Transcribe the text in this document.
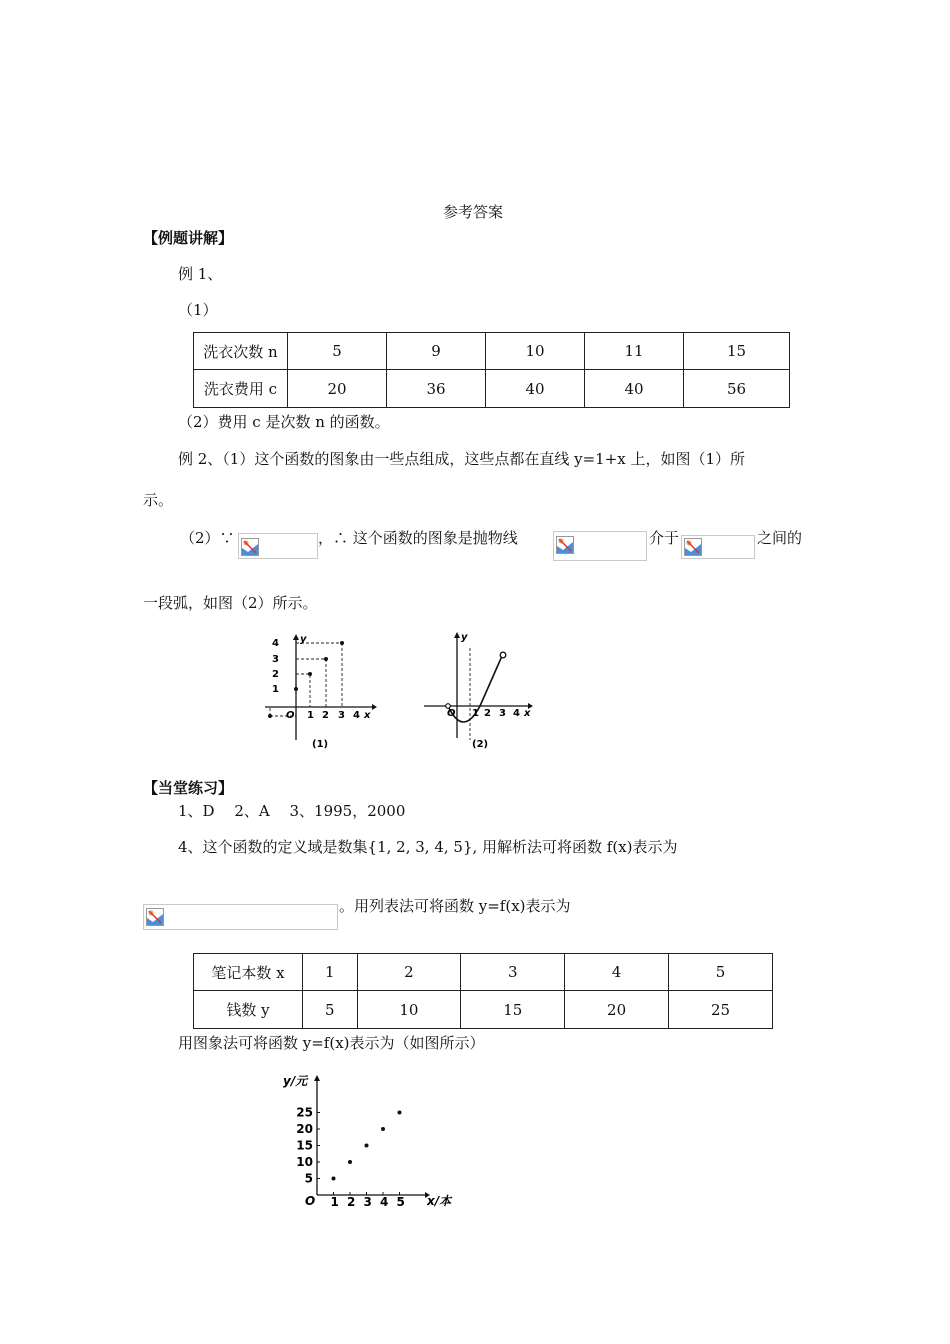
参考答案
【例题讲解】
例 1、
（1）
洗衣次数 n	5	9	10	11	15
洗衣费用 c	20	36	40	40	56
（2）费用 c 是次数 n 的函数。
例 2、（1）这个函数的图象由一些点组成，这些点都在直线 y=1+x 上，如图（1）所
示。
（2）∵	，∴ 这个函数的图象是抛物线	介于	之间的
一段弧，如图（2）所示。
4
3
2
1
y
O 1 2 3 4 x
(1)
y
O 1 2 3 4 x
(2)
【当堂练习】
1、D　 2、A　 3、1995，2000
4、这个函数的定义域是数集{1, 2, 3, 4, 5}, 用解析法可将函数 f(x)表示为
。用列表法可将函数 y=f(x)表示为
笔记本数 x	1	2	3	4	5
钱数 y	5	10	15	20	25
用图象法可将函数 y=f(x)表示为（如图所示）
y/元
x/本
O 1 2 3 4 5
5
10
15
20
25
